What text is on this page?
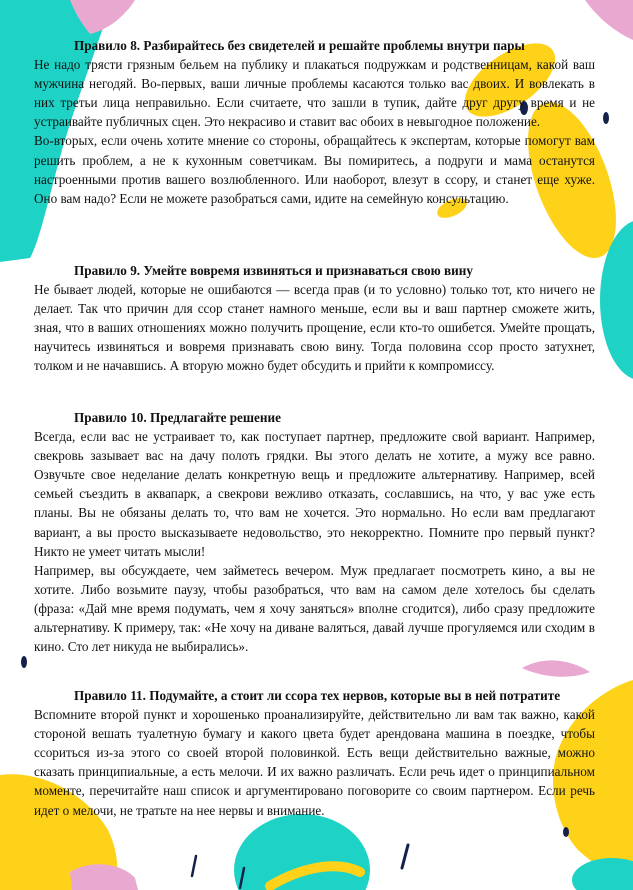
Правило 8. Разбирайтесь без свидетелей и решайте проблемы внутри пары

Не надо трясти грязным бельем на публику и плакаться подружкам и родственницам, какой ваш мужчина негодяй. Во-первых, ваши личные проблемы касаются только вас двоих. И вовлекать в них третьи лица неправильно. Если считаете, что зашли в тупик, дайте друг другу время и не устраивайте публичных сцен. Это некрасиво и ставит вас обоих в невыгодное положение.

Во-вторых, если очень хотите мнение со стороны, обращайтесь к экспертам, которые помогут вам решить проблем, а не к кухонным советчикам. Вы помиритесь, а подруги и мама останутся настроенными против вашего возлюбленного. Или наоборот, влезут в ссору, и станет еще хуже. Оно вам надо? Если не можете разобраться сами, идите на семейную консультацию.

Правило 9. Умейте вовремя извиняться и признаваться свою вину

Не бывает людей, которые не ошибаются — всегда прав (и то условно) только тот, кто ничего не делает. Так что причин для ссор станет намного меньше, если вы и ваш партнер сможете жить, зная, что в ваших отношениях можно получить прощение, если кто-то ошибется. Умейте прощать, научитесь извиняться и вовремя признавать свою вину. Тогда половина ссор просто затухнет, толком и не начавшись. А вторую можно будет обсудить и прийти к компромиссу.

Правило 10. Предлагайте решение

Всегда, если вас не устраивает то, как поступает партнер, предложите свой вариант. Например, свекровь зазывает вас на дачу полоть грядки. Вы этого делать не хотите, а мужу все равно. Озвучьте свое неделание делать конкретную вещь и предложите альтернативу. Например, всей семьей съездить в аквапарк, а свекрови вежливо отказать, сославшись, на что, у вас уже есть планы. Вы не обязаны делать то, что вам не хочется. Это нормально. Но если вам предлагают вариант, а вы просто высказываете недовольство, это некорректно. Помните про первый пункт? Никто не умеет читать мысли!

Например, вы обсуждаете, чем займетесь вечером. Муж предлагает посмотреть кино, а вы не хотите. Либо возьмите паузу, чтобы разобраться, что вам на самом деле хотелось бы сделать (фраза: «Дай мне время подумать, чем я хочу заняться» вполне сгодится), либо сразу предложите альтернативу. К примеру, так: «Не хочу на диване валяться, давай лучше прогуляемся или сходим в кино. Сто лет никуда не выбирались».

Правило 11. Подумайте, а стоит ли ссора тех нервов, которые вы в ней потратите

Вспомните второй пункт и хорошенько проанализируйте, действительно ли вам так важно, какой стороной вешать туалетную бумагу и какого цвета будет арендована машина в поездке, чтобы ссориться из-за этого со своей второй половинкой. Есть вещи действительно важные, можно сказать принципиальные, а есть мелочи. И их важно различать. Если речь идет о принципиальном моменте, перечитайте наш список и аргументировано поговорите со своим партнером. Если речь идет о мелочи, не тратьте на нее нервы и внимание.
